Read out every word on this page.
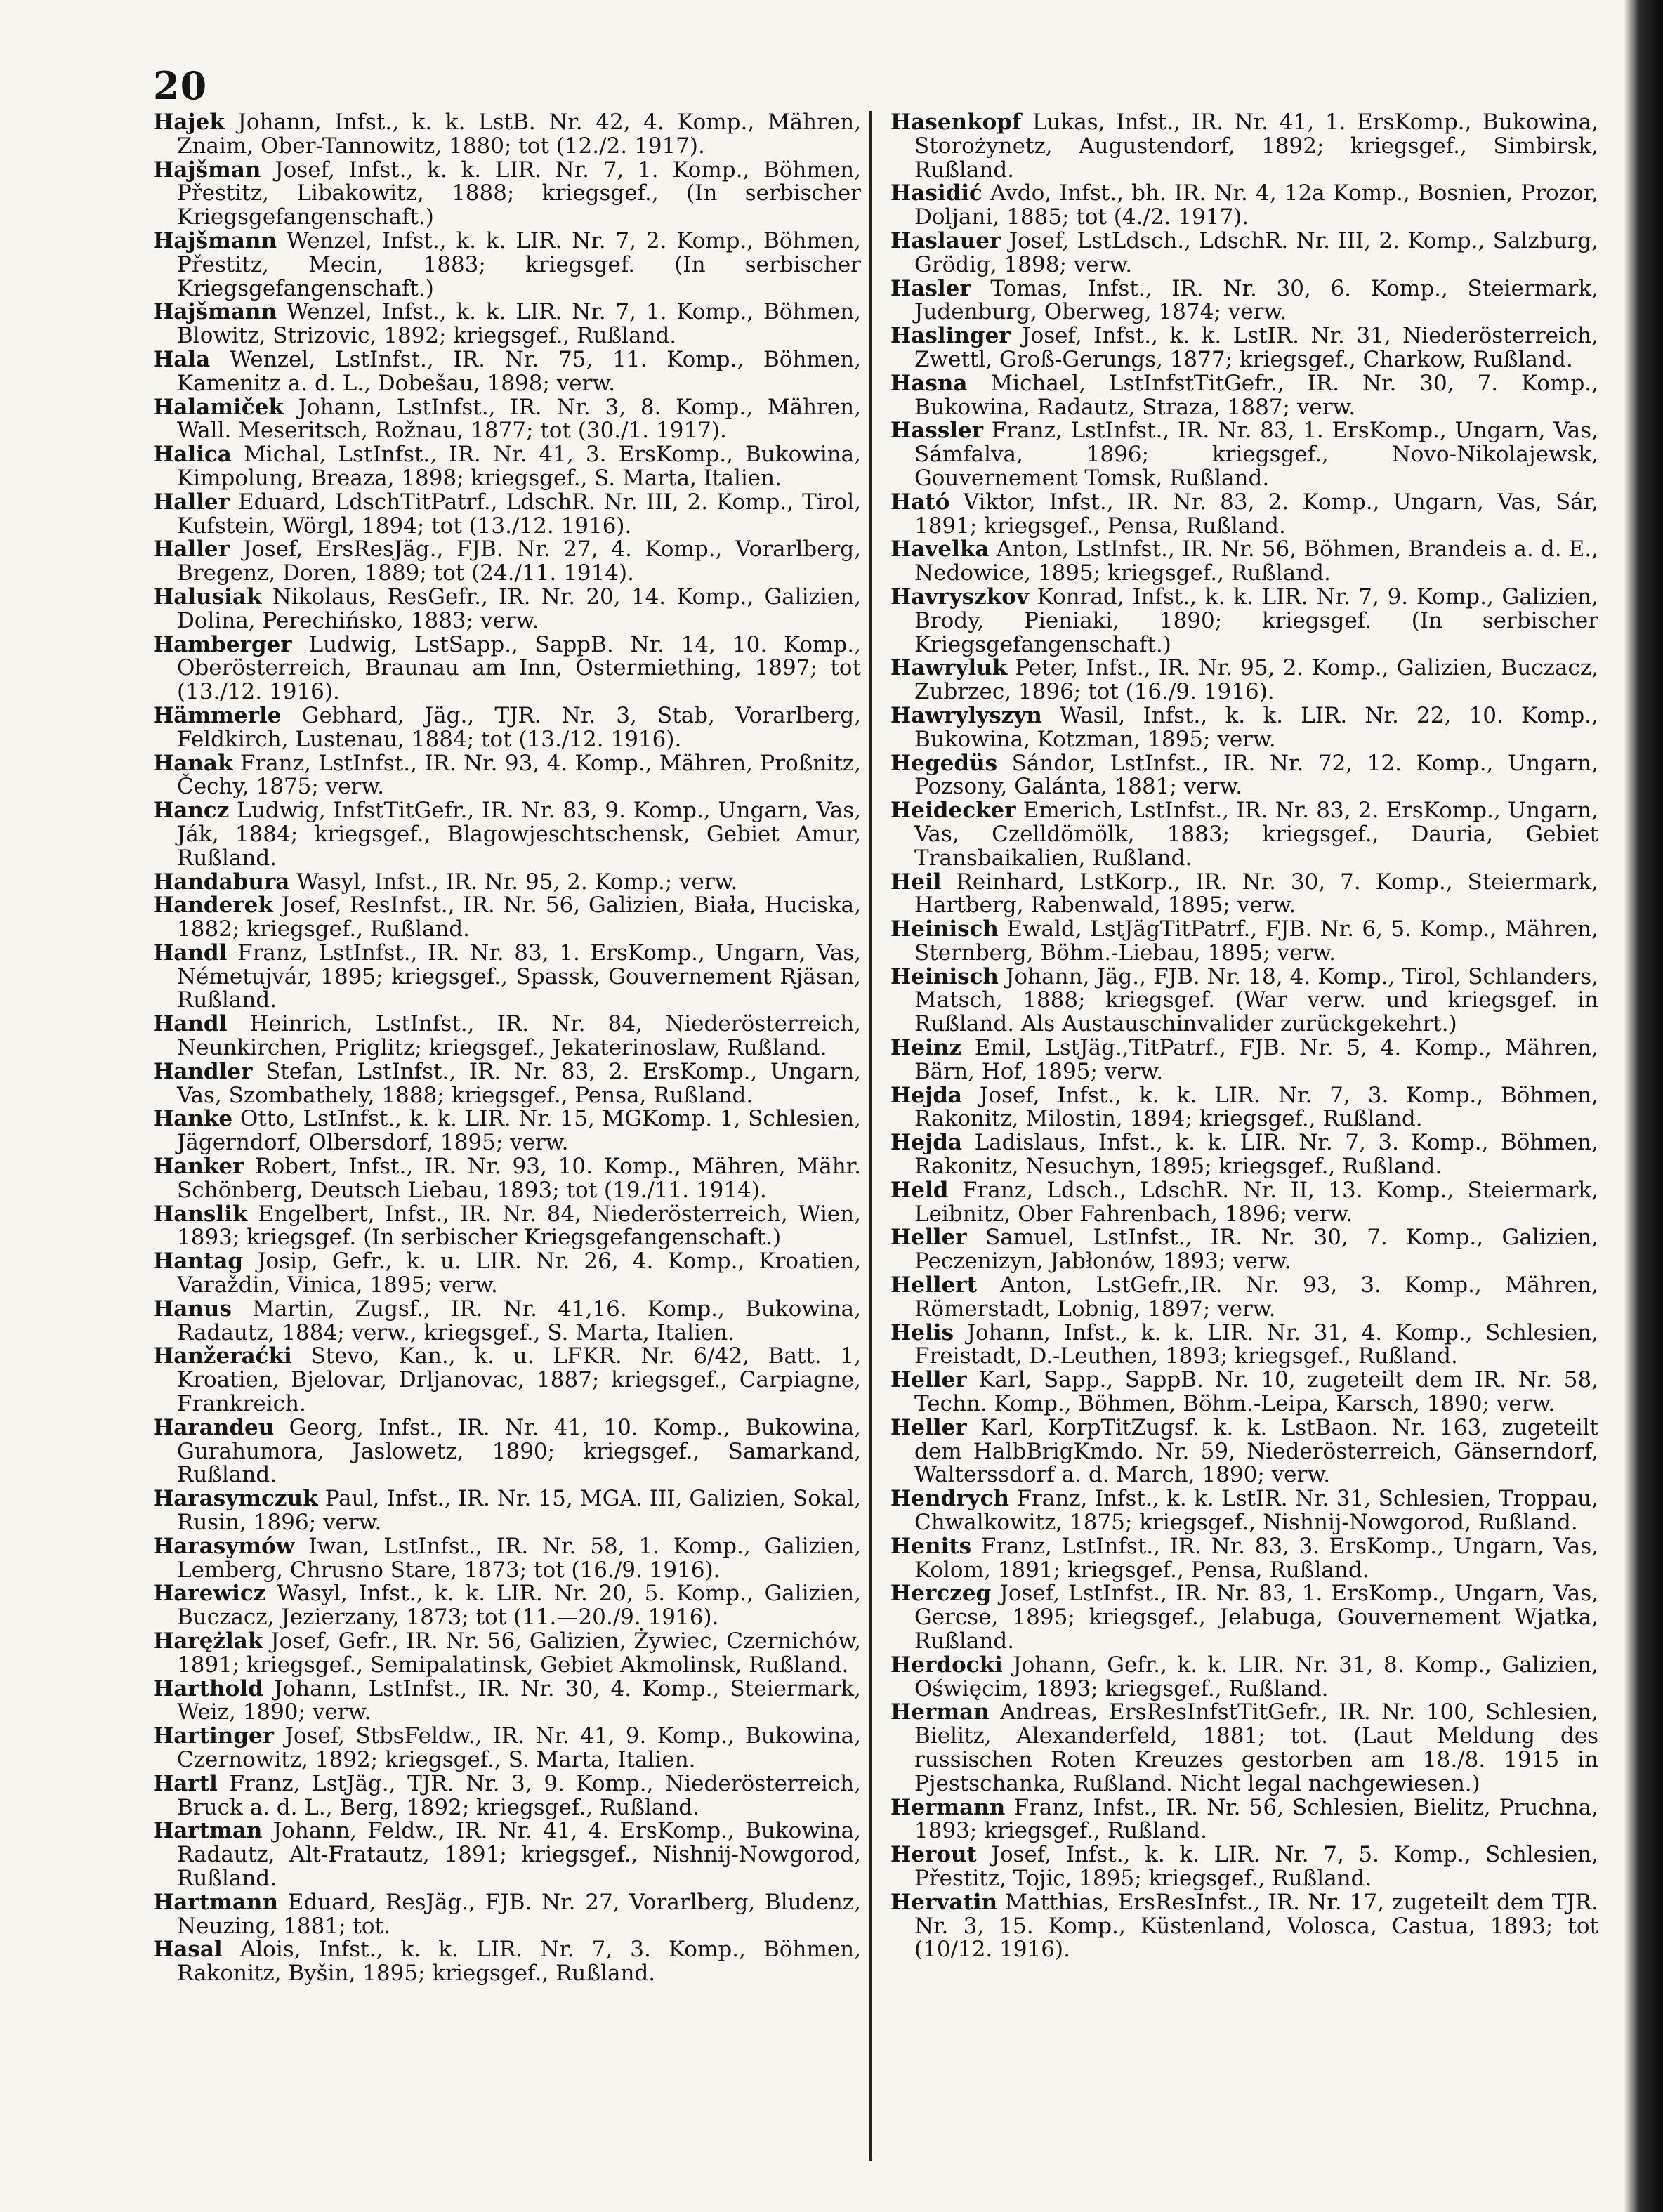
20

Hajek Johann, Infst., k. k. LstB. Nr. 42, 4. Komp., Mähren, Znaim, Ober-Tannowitz, 1880; tot (12./2. 1917).

Hajšman Josef, Infst., k. k. LIR. Nr. 7, 1. Komp., Böhmen, Přestitz, Libakowitz, 1888; kriegsgef., (In serbischer Kriegsgefangenschaft.)

Hajšmann Wenzel, Infst., k. k. LIR. Nr. 7, 2. Komp., Böhmen, Přestitz, Mecin, 1883; kriegsgef. (In serbischer Kriegsgefangenschaft.)

Hajšmann Wenzel, Infst., k. k. LIR. Nr. 7, 1. Komp., Böhmen, Blowitz, Strizovic, 1892; kriegsgef., Rußland.

Hala Wenzel, LstInfst., IR. Nr. 75, 11. Komp., Böhmen, Kamenitz a. d. L., Dobešau, 1898; verw.

Halamiček Johann, LstInfst., IR. Nr. 3, 8. Komp., Mähren, Wall. Meseritsch, Rožnau, 1877; tot (30./1. 1917).

Halica Michal, LstInfst., IR. Nr. 41, 3. ErsKomp., Bukowina, Kimpolung, Breaza, 1898; kriegsgef., S. Marta, Italien.

Haller Eduard, LdschTitPatrf., LdschR. Nr. III, 2. Komp., Tirol, Kufstein, Wörgl, 1894; tot (13./12. 1916).

Haller Josef, ErsResJäg., FJB. Nr. 27, 4. Komp., Vorarlberg, Bregenz, Doren, 1889; tot (24./11. 1914).

Halusiak Nikolaus, ResGefr., IR. Nr. 20, 14. Komp., Galizien, Dolina, Perechińsko, 1883; verw.

Hamberger Ludwig, LstSapp., SappB. Nr. 14, 10. Komp., Oberösterreich, Braunau am Inn, Ostermiething, 1897; tot (13./12. 1916).

Hämmerle Gebhard, Jäg., TJR. Nr. 3, Stab, Vorarlberg, Feldkirch, Lustenau, 1884; tot (13./12. 1916).

Hanak Franz, LstInfst., IR. Nr. 93, 4. Komp., Mähren, Proßnitz, Čechy, 1875; verw.

Hancz Ludwig, InfstTitGefr., IR. Nr. 83, 9. Komp., Ungarn, Vas, Ják, 1884; kriegsgef., Blagowjeschtschensk, Gebiet Amur, Rußland.

Handabura Wasyl, Infst., IR. Nr. 95, 2. Komp.; verw.

Handerek Josef, ResInfst., IR. Nr. 56, Galizien, Biała, Huciska, 1882; kriegsgef., Rußland.

Handl Franz, LstInfst., IR. Nr. 83, 1. ErsKomp., Ungarn, Vas, Németujvár, 1895; kriegsgef., Spassk, Gouvernement Rjäsan, Rußland.

Handl Heinrich, LstInfst., IR. Nr. 84, Niederösterreich, Neunkirchen, Priglitz; kriegsgef., Jekaterinoslaw, Rußland.

Handler Stefan, LstInfst., IR. Nr. 83, 2. ErsKomp., Ungarn, Vas, Szombathely, 1888; kriegsgef., Pensa, Rußland.

Hanke Otto, LstInfst., k. k. LIR. Nr. 15, MGKomp. 1, Schlesien, Jägerndorf, Olbersdorf, 1895; verw.

Hanker Robert, Infst., IR. Nr. 93, 10. Komp., Mähren, Mähr. Schönberg, Deutsch Liebau, 1893; tot (19./11. 1914).

Hanslik Engelbert, Infst., IR. Nr. 84, Niederösterreich, Wien, 1893; kriegsgef. (In serbischer Kriegsgefangenschaft.)

Hantag Josip, Gefr., k. u. LIR. Nr. 26, 4. Komp., Kroatien, Varaždin, Vinica, 1895; verw.

Hanus Martin, Zugsf., IR. Nr. 41,16. Komp., Bukowina, Radautz, 1884; verw., kriegsgef., S. Marta, Italien.

Hanžeraćki Stevo, Kan., k. u. LFKR. Nr. 6/42, Batt. 1, Kroatien, Bjelovar, Drljanovac, 1887; kriegsgef., Carpiagne, Frankreich.

Harandeu Georg, Infst., IR. Nr. 41, 10. Komp., Bukowina, Gurahumora, Jaslowetz, 1890; kriegsgef., Samarkand, Rußland.

Harasymczuk Paul, Infst., IR. Nr. 15, MGA. III, Galizien, Sokal, Rusin, 1896; verw.

Harasymów Iwan, LstInfst., IR. Nr. 58, 1. Komp., Galizien, Lemberg, Chrusno Stare, 1873; tot (16./9. 1916).

Harewicz Wasyl, Infst., k. k. LIR. Nr. 20, 5. Komp., Galizien, Buczacz, Jezierzany, 1873; tot (11.—20./9. 1916).

Harężlak Josef, Gefr., IR. Nr. 56, Galizien, Żywiec, Czernichów, 1891; kriegsgef., Semipalatinsk, Gebiet Akmolinsk, Rußland.

Harthold Johann, LstInfst., IR. Nr. 30, 4. Komp., Steiermark, Weiz, 1890; verw.

Hartinger Josef, StbsFeldw., IR. Nr. 41, 9. Komp., Bukowina, Czernowitz, 1892; kriegsgef., S. Marta, Italien.

Hartl Franz, LstJäg., TJR. Nr. 3, 9. Komp., Niederösterreich, Bruck a. d. L., Berg, 1892; kriegsgef., Rußland.

Hartman Johann, Feldw., IR. Nr. 41, 4. ErsKomp., Bukowina, Radautz, Alt-Fratautz, 1891; kriegsgef., Nishnij-Nowgorod, Rußland.

Hartmann Eduard, ResJäg., FJB. Nr. 27, Vorarlberg, Bludenz, Neuzing, 1881; tot.

Hasal Alois, Infst., k. k. LIR. Nr. 7, 3. Komp., Böhmen, Rakonitz, Byšin, 1895; kriegsgef., Rußland.

Hasenkopf Lukas, Infst., IR. Nr. 41, 1. ErsKomp., Bukowina, Storożynetz, Augustendorf, 1892; kriegsgef., Simbirsk, Rußland.

Hasidić Avdo, Infst., bh. IR. Nr. 4, 12a Komp., Bosnien, Prozor, Doljani, 1885; tot (4./2. 1917).

Haslauer Josef, LstLdsch., LdschR. Nr. III, 2. Komp., Salzburg, Grödig, 1898; verw.

Hasler Tomas, Infst., IR. Nr. 30, 6. Komp., Steiermark, Judenburg, Oberweg, 1874; verw.

Haslinger Josef, Infst., k. k. LstIR. Nr. 31, Niederösterreich, Zwettl, Groß-Gerungs, 1877; kriegsgef., Charkow, Rußland.

Hasna Michael, LstInfstTitGefr., IR. Nr. 30, 7. Komp., Bukowina, Radautz, Straza, 1887; verw.

Hassler Franz, LstInfst., IR. Nr. 83, 1. ErsKomp., Ungarn, Vas, Sámfalva, 1896; kriegsgef., Novo-Nikolajewsk, Gouvernement Tomsk, Rußland.

Ható Viktor, Infst., IR. Nr. 83, 2. Komp., Ungarn, Vas, Sár, 1891; kriegsgef., Pensa, Rußland.

Havelka Anton, LstInfst., IR. Nr. 56, Böhmen, Brandeis a. d. E., Nedowice, 1895; kriegsgef., Rußland.

Havryszkov Konrad, Infst., k. k. LIR. Nr. 7, 9. Komp., Galizien, Brody, Pieniaki, 1890; kriegsgef. (In serbischer Kriegsgefangenschaft.)

Hawryluk Peter, Infst., IR. Nr. 95, 2. Komp., Galizien, Buczacz, Zubrzec, 1896; tot (16./9. 1916).

Hawrylyszyn Wasil, Infst., k. k. LIR. Nr. 22, 10. Komp., Bukowina, Kotzman, 1895; verw.

Hegedüs Sándor, LstInfst., IR. Nr. 72, 12. Komp., Ungarn, Pozsony, Galánta, 1881; verw.

Heidecker Emerich, LstInfst., IR. Nr. 83, 2. ErsKomp., Ungarn, Vas, Czelldömölk, 1883; kriegsgef., Dauria, Gebiet Transbaikalien, Rußland.

Heil Reinhard, LstKorp., IR. Nr. 30, 7. Komp., Steiermark, Hartberg, Rabenwald, 1895; verw.

Heinisch Ewald, LstJägTitPatrf., FJB. Nr. 6, 5. Komp., Mähren, Sternberg, Böhm.-Liebau, 1895; verw.

Heinisch Johann, Jäg., FJB. Nr. 18, 4. Komp., Tirol, Schlanders, Matsch, 1888; kriegsgef. (War verw. und kriegsgef. in Rußland. Als Austauschinvalider zurückgekehrt.)

Heinz Emil, LstJäg.,TitPatrf., FJB. Nr. 5, 4. Komp., Mähren, Bärn, Hof, 1895; verw.

Hejda Josef, Infst., k. k. LIR. Nr. 7, 3. Komp., Böhmen, Rakonitz, Milostin, 1894; kriegsgef., Rußland.

Hejda Ladislaus, Infst., k. k. LIR. Nr. 7, 3. Komp., Böhmen, Rakonitz, Nesuchyn, 1895; kriegsgef., Rußland.

Held Franz, Ldsch., LdschR. Nr. II, 13. Komp., Steiermark, Leibnitz, Ober Fahrenbach, 1896; verw.

Heller Samuel, LstInfst., IR. Nr. 30, 7. Komp., Galizien, Peczenizyn, Jabłonów, 1893; verw.

Hellert Anton, LstGefr.,IR. Nr. 93, 3. Komp., Mähren, Römerstadt, Lobnig, 1897; verw.

Helis Johann, Infst., k. k. LIR. Nr. 31, 4. Komp., Schlesien, Freistadt, D.-Leuthen, 1893; kriegsgef., Rußland.

Heller Karl, Sapp., SappB. Nr. 10, zugeteilt dem IR. Nr. 58, Techn. Komp., Böhmen, Böhm.-Leipa, Karsch, 1890; verw.

Heller Karl, KorpTitZugsf. k. k. LstBaon. Nr. 163, zugeteilt dem HalbBrigKmdo. Nr. 59, Niederösterreich, Gänserndorf, Walterssdorf a. d. March, 1890; verw.

Hendrych Franz, Infst., k. k. LstIR. Nr. 31, Schlesien, Troppau, Chwalkowitz, 1875; kriegsgef., Nishnij-Nowgorod, Rußland.

Henits Franz, LstInfst., IR. Nr. 83, 3. ErsKomp., Ungarn, Vas, Kolom, 1891; kriegsgef., Pensa, Rußland.

Herczeg Josef, LstInfst., IR. Nr. 83, 1. ErsKomp., Ungarn, Vas, Gercse, 1895; kriegsgef., Jelabuga, Gouvernement Wjatka, Rußland.

Herdocki Johann, Gefr., k. k. LIR. Nr. 31, 8. Komp., Galizien, Oświęcim, 1893; kriegsgef., Rußland.

Herman Andreas, ErsResInfstTitGefr., IR. Nr. 100, Schlesien, Bielitz, Alexanderfeld, 1881; tot. (Laut Meldung des russischen Roten Kreuzes gestorben am 18./8. 1915 in Pjestschanka, Rußland. Nicht legal nachgewiesen.)

Hermann Franz, Infst., IR. Nr. 56, Schlesien, Bielitz, Pruchna, 1893; kriegsgef., Rußland.

Herout Josef, Infst., k. k. LIR. Nr. 7, 5. Komp., Schlesien, Přestitz, Tojic, 1895; kriegsgef., Rußland.

Hervatin Matthias, ErsResInfst., IR. Nr. 17, zugeteilt dem TJR. Nr. 3, 15. Komp., Küstenland, Volosca, Castua, 1893; tot (10/12. 1916).
